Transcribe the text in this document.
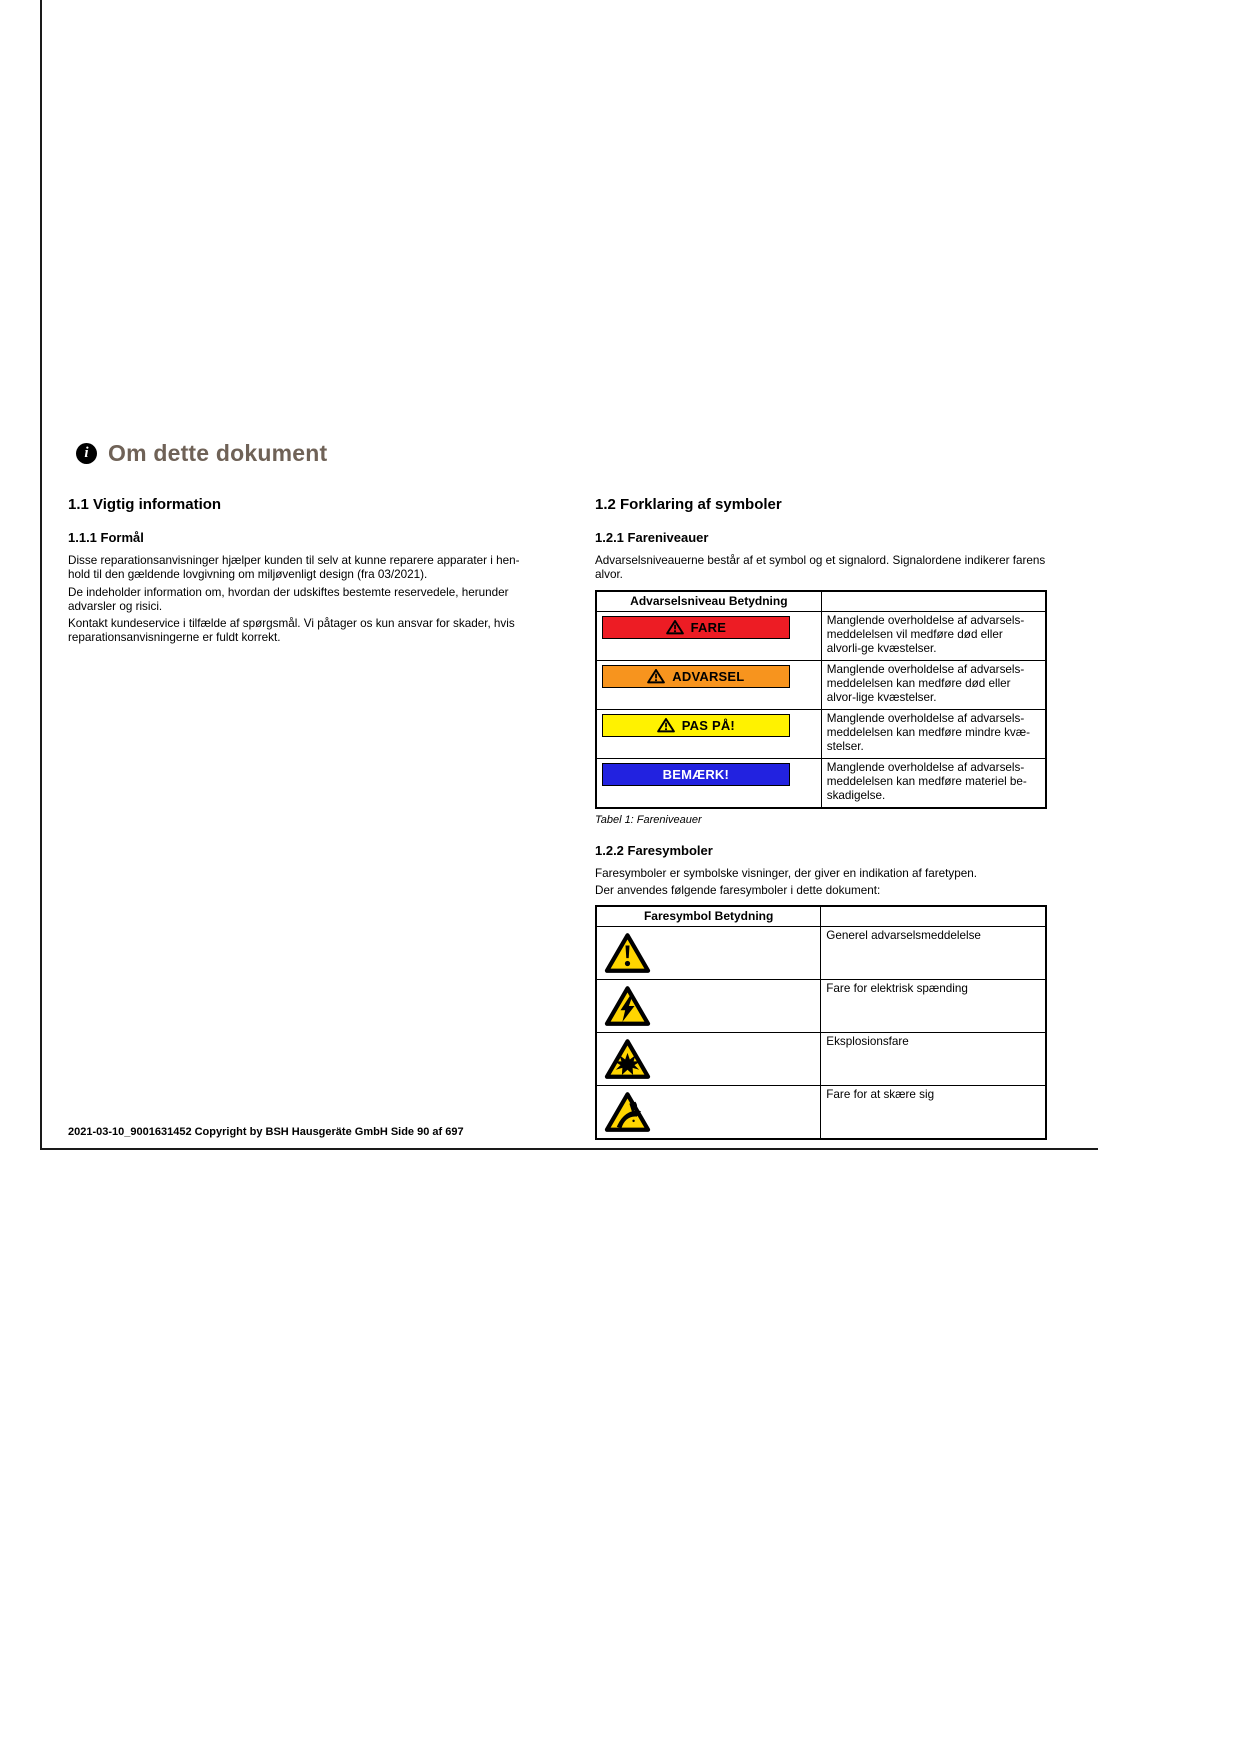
i Om dette dokument
1.1 Vigtig information
1.1.1 Formål

Disse reparationsanvisninger hjælper kunden til selv at kunne reparere apparater i hen-hold til den gældende lovgivning om miljøvenligt design (fra 03/2021).

De indeholder information om, hvordan der udskiftes bestemte reservedele, herunder advarsler og risici.

Kontakt kundeservice i tilfælde af spørgsmål. Vi påtager os kun ansvar for skader, hvis reparationsanvisningerne er fuldt korrekt.

1.2 Forklaring af symboler
1.2.1 Fareniveauer

Advarselsniveauerne består af et symbol og et signalord. Signalordene indikerer farens alvor.

Advarselsniveau Betydning	

FARE	Manglende overholdelse af advarsels-meddelelsen vil medføre død eller alvorli-ge kvæstelser.

ADVARSEL	Manglende overholdelse af advarsels-meddelelsen kan medføre død eller alvor-lige kvæstelser.

PAS PÅ!	Manglende overholdelse af advarsels-meddelelsen kan medføre mindre kvæ-stelser.

BEMÆRK!	Manglende overholdelse af advarsels-meddelelsen kan medføre materiel be-skadigelse.
Tabel 1: Fareniveauer
1.2.2 Faresymboler

Faresymboler er symbolske visninger, der giver en indikation af faretypen.

Der anvendes følgende faresymboler i dette dokument:

Faresymbol Betydning	

Generel advarselsmeddelelse

Fare for elektrisk spænding

Eksplosionsfare

Fare for at skære sig
2021-03-10_9001631452 Copyright by BSH Hausgeräte GmbH Side 90 af 697
